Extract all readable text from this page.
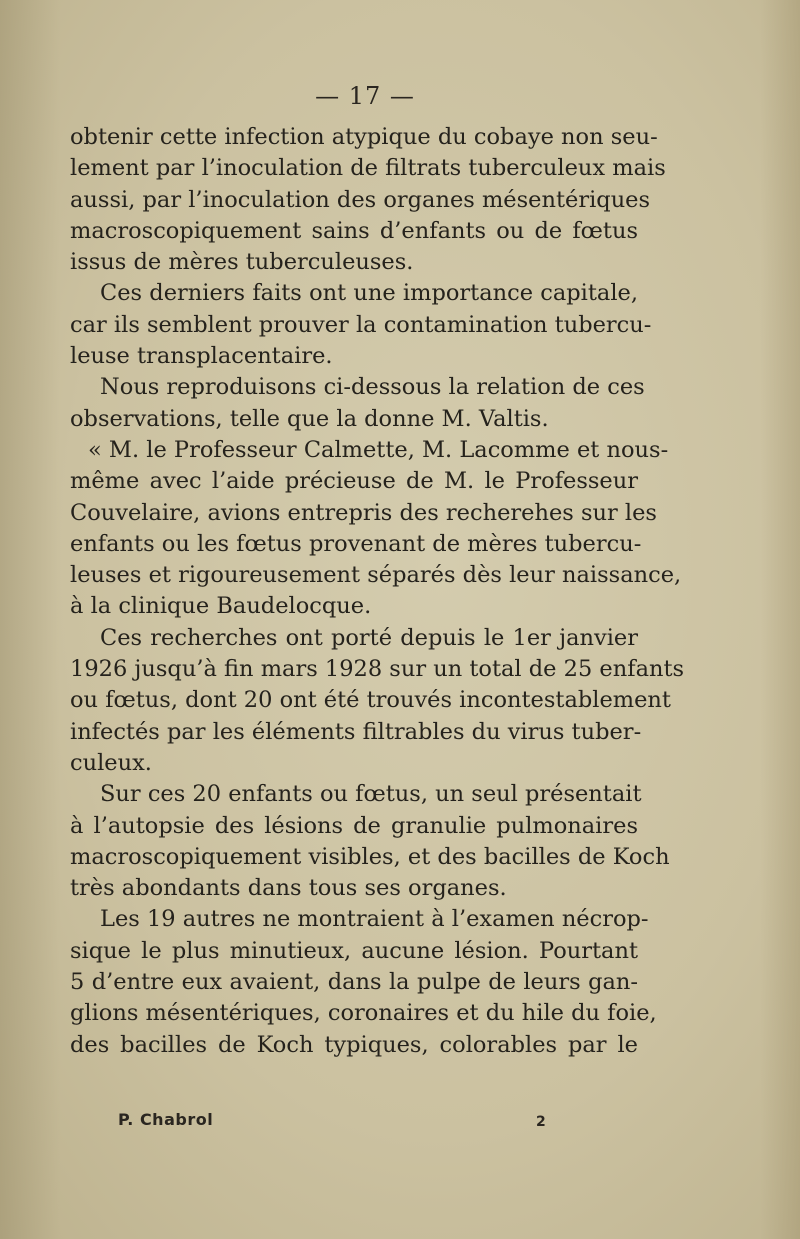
— 17 —
obtenir cette infection atypique du cobaye non seu-
lement par l’inoculation de filtrats tuberculeux mais
aussi, par l’inoculation des organes mésentériques
macroscopiquement sains d’enfants ou de fœtus
issus de mères tuberculeuses.
Ces derniers faits ont une importance capitale,
car ils semblent prouver la contamination tubercu-
leuse transplacentaire.
Nous reproduisons ci-dessous la relation de ces
observations, telle que la donne M. Valtis.
« M. le Professeur Calmette, M. Lacomme et nous-
même avec l’aide précieuse de M. le Professeur
Couvelaire, avions entrepris des recherehes sur les
enfants ou les fœtus provenant de mères tubercu-
leuses et rigoureusement séparés dès leur naissance,
à la clinique Baudelocque.
Ces recherches ont porté depuis le 1er janvier
1926 jusqu’à fin mars 1928 sur un total de 25 enfants
ou fœtus, dont 20 ont été trouvés incontestablement
infectés par les éléments filtrables du virus tuber-
culeux.
Sur ces 20 enfants ou fœtus, un seul présentait
à l’autopsie des lésions de granulie pulmonaires
macroscopiquement visibles, et des bacilles de Koch
très abondants dans tous ses organes.
Les 19 autres ne montraient à l’examen nécrop-
sique le plus minutieux, aucune lésion. Pourtant
5 d’entre eux avaient, dans la pulpe de leurs gan-
glions mésentériques, coronaires et du hile du foie,
des bacilles de Koch typiques, colorables par le
P. Chabrol	2
